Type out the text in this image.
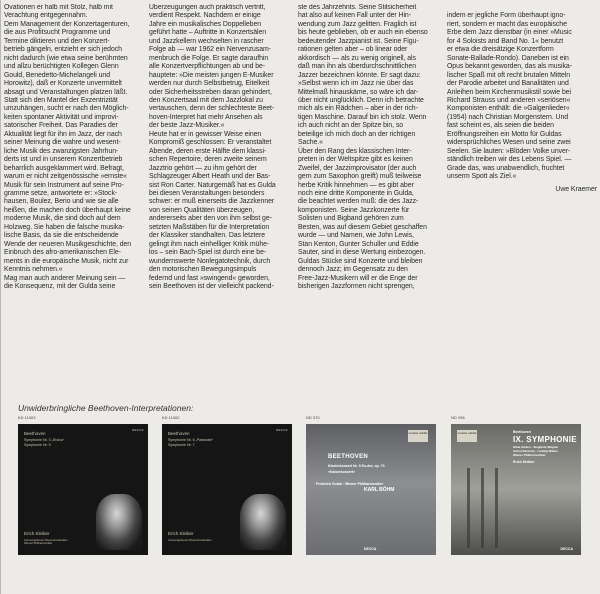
Ovationen er halb mit Stolz, halb mit
Verachtung entgegennahm.
Dem Management der Konzertagenturen,
die aus Profitsucht Programme und
Termine diktieren und den Konzert-
betrieb gängeln, entzieht er sich jedoch
nicht dadurch (wie etwa seine berühmten
und allzu berüchtigten Kollegen Glenn
Gould, Benedetto-Michelangeli und
Horowitz), daß er Konzerte unvermittelt
absagt und Veranstaltungen platzen läßt.
Statt sich den Mantel der Exzentrizität
umzuhängen, sucht er nach den Möglich-
keiten spontaner Aktivität und improvi-
satorischer Freiheit. Das Paradies der
Aktualität liegt für ihn im Jazz, der nach
seiner Meinung die wahre und wesent-
liche Musik des zwanzigsten Jahrhun-
derts ist und in unserem Konzertbetrieb
beharrlich ausgeklammert wird. Befragt,
warum er nicht zeitgenössische »ernste«
Musik für sein Instrument auf seine Pro-
gramme setze, antwortete er: »Stock-
hausen, Boulez, Berio und wie sie alle
heißen, die machen doch überhaupt keine
moderne Musik, die sind doch auf dem
Holzweg. Sie haben die falsche musika-
lische Basis, da sie die entscheidende
Wende der neueren Musikgeschichte, den
Einbruch des afro-amerikanischen Ele-
ments in die europäische Musik, nicht zur
Kenntnis nehmen.«
Mag man auch anderer Meinung sein —
die Konsequenz, mit der Gulda seine
Überzeugungen auch praktisch vertritt,
verdient Respekt. Nachdem er einige
Jahre ein musikalisches Doppelleben
geführt hatte – Auftritte in Konzertsälen
und Jazzkellern wechselten in rascher
Folge ab — war 1962 ein Nervenzusam-
menbruch die Folge. Er sagte daraufhin
alle Konzertverpflichtungen ab und be-
hauptete: »Die meisten jungen E-Musiker
werden nur durch Selbstbetrug, Eitelkeit
oder Sicherheitsstreben daran gehindert,
den Konzertsaal mit dem Jazzlokal zu
vertauschen, denn der schlechteste Beet-
hoven-Interpret hat mehr Ansehen als
der beste Jazz-Musiker.«
Heute hat er in gewisser Weise einen
Kompromiß geschlossen: Er veranstaltet
Abende, deren erste Hälfte dem klassi-
schen Repertoire, deren zweite seinem
Jazztrio gehört — zu ihm gehört der
Schlagzeuger Albert Heath und der Bas-
sist Ron Carter. Naturgemäß hat es Gulda
bei diesen Veranstaltungen besonders
schwer: er muß einerseits die Jazzkenner
von seinen Qualitäten überzeugen,
andererseits aber den von ihm selbst ge-
setzten Maßstäben für die Interpretation
der Klassiker standhalten. Das letztere
gelingt ihm nach einhelliger Kritik mühe-
los – sein Bach-Spiel ist durch eine be-
wundernswerte Nonlegatotechnik, durch
den motorischen Bewegungsimpuls
federnd und fast »swingend« geworden,
sein Beethoven ist der vielleicht packend-
ste des Jahrzehnts. Seine Stilsicherheit
hat also auf keinen Fall unter der Hin-
wendung zum Jazz gelitten. Fraglich ist
bis heute geblieben, ob er auch ein ebenso
bedeutender Jazzpianist ist. Seine Figu-
rationen gelten aber – ob linear oder
akkordisch — als zu wenig originell, als
daß man ihn als überdurchschnittlichen
Jazzer bezeichnen könnte. Er sagt dazu:
»Selbst wenn ich im Jazz nie über das
Mittelmaß hinauskäme, so wäre ich dar-
über nicht unglücklich. Denn ich betrachte
mich als ein Rädchen – aber in der rich-
tigen Maschine. Darauf bin ich stolz. Wenn
ich auch nicht an der Spitze bin, so
beteilige ich mich doch an der richtigen
Sache.«
Über den Rang des klassischen Inter-
preten in der Weltspitze gibt es keinen
Zweifel, der Jazzimprovisator (der auch
gern zum Saxophon greift) muß teilweise
herbe Kritik hinnehmen — es gibt aber
noch eine dritte Komponente in Gulda,
die beachtet werden muß: die des Jazz-
komponisten. Seine Jazzkonzerte für
Solisten und Bigband gehören zum
Besten, was auf diesem Gebiet geschaffen
wurde — und Namen, wie John Lewis,
Stan Kenton, Gunter Schuller und Eddie
Sauter, sind in diese Wertung einbezogen.
Guldas Stücke sind Konzerte und bleiben
dennoch Jazz; im Gegensatz zu den
Free-Jazz-Musikern will er die Enge der
bisherigen Jazzformen nicht sprengen,

indem er jegliche Form überhaupt igno-
riert, sondern er macht das europäische
Erbe dem Jazz dienstbar (in einer »Music
for 4 Soloists and Band No. 1« benutzt
er etwa die dreisätzige Konzertform
Sonate-Ballade-Rondo). Daneben ist ein
Opus bekannt geworden, das als musika-
lischer Spaß mit oft recht brutalen Mitteln
der Parodie arbeitet und Banalitäten und
Anleihen beim Kirchenmusikstil sowie bei
Richard Strauss und anderen »seriösen«
Komponisten enthält: die »Galgenlieder«
(1954) nach Christian Morgenstern. Und
fast scheint es, als seien die beiden
Eröffnungsreihen ein Motto für Guldas
widersprüchliches Wesen und seine zwei
Seelen. Sie lauten: »Blöden Volke unver-
ständlich treiben wir des Lebens Spiel. —
Grade das, was unabwendlich, fruchtet
unserm Spott als Ziel.«

Uwe Kraemer

Unwiderbringliche Beethoven-Interpretationen:
KD 11003
DECCA
Beethoven
Symphonie Nr. 3 „Eroica“
Symphonie Nr. 5
Erich Kleiber
Concertgebouw Orkest Amsterdam
Wiener Philharmoniker
KD 11002
DECCA
Beethoven
Symphonie Nr. 6 „Pastorale“
Symphonie Nr. 7
Erich Kleiber
Concertgebouw Orkest Amsterdam
ND 370
musica nobilis
BEETHOVEN
Klavierkonzert Nr. 5 Es-dur, op. 73
»Kaiserkonzert«
Friedrich Gulda · Wiener Philharmoniker
KARL BÖHM
DECCA
ND 298
musica nobilis	Beethoven
IX. SYMPHONIE
Hilde Güden · Sieglinde Wagner
Anton Dermota · Ludwig Weber
Wiener Philharmoniker
Erich Kleiber
DECCA
